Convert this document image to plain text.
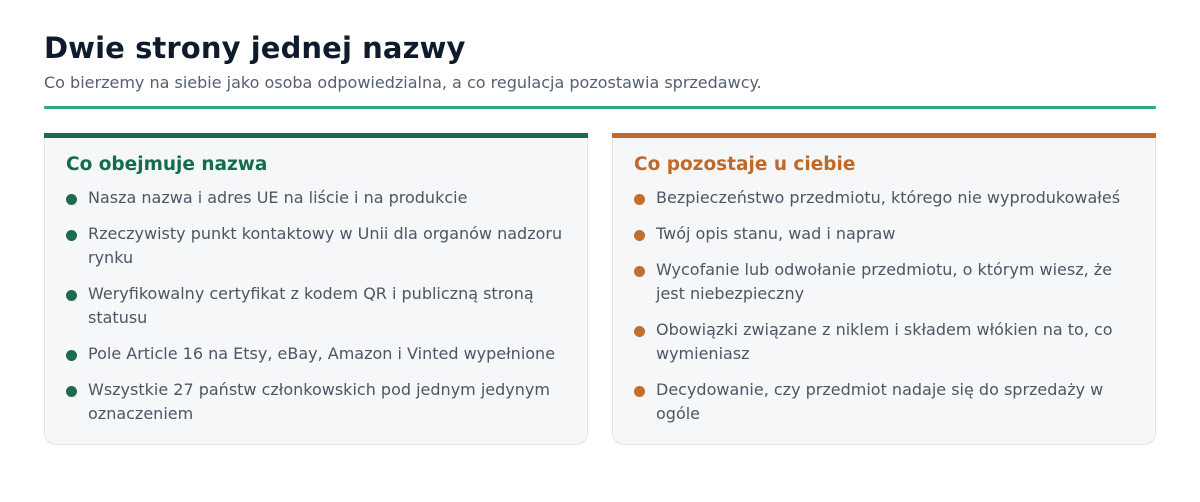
Dwie strony jednej nazwy

Co bierzemy na siebie jako osoba odpowiedzialna, a co regulacja pozostawia sprzedawcy.

Co obejmuje nazwa
Nasza nazwa i adres UE na liście i na produkcie
Rzeczywisty punkt kontaktowy w Unii dla organów nadzoru rynku
Weryfikowalny certyfikat z kodem QR i publiczną stroną statusu
Pole Article 16 na Etsy, eBay, Amazon i Vinted wypełnione
Wszystkie 27 państw członkowskich pod jednym jedynym oznaczeniem
Co pozostaje u ciebie
Bezpieczeństwo przedmiotu, którego nie wyprodukowałeś
Twój opis stanu, wad i napraw
Wycofanie lub odwołanie przedmiotu, o którym wiesz, że jest niebezpieczny
Obowiązki związane z niklem i składem włókien na to, co wymieniasz
Decydowanie, czy przedmiot nadaje się do sprzedaży w ogóle
